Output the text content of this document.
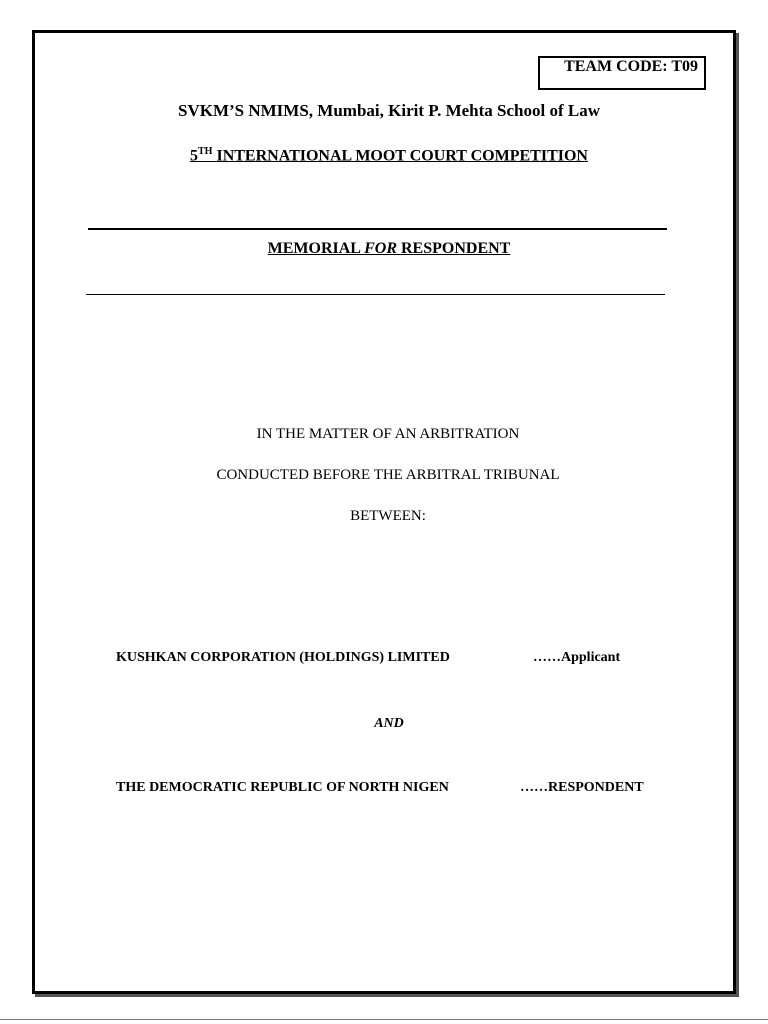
TEAM CODE: T09
SVKM’S NMIMS, Mumbai, Kirit P. Mehta School of Law
5TH INTERNATIONAL MOOT COURT COMPETITION
MEMORIAL FOR RESPONDENT
IN THE MATTER OF AN ARBITRATION
CONDUCTED BEFORE THE ARBITRAL TRIBUNAL
BETWEEN:
KUSHKAN CORPORATION (HOLDINGS) LIMITED	……Applicant
AND
THE DEMOCRATIC REPUBLIC OF NORTH NIGEN	……RESPONDENT
